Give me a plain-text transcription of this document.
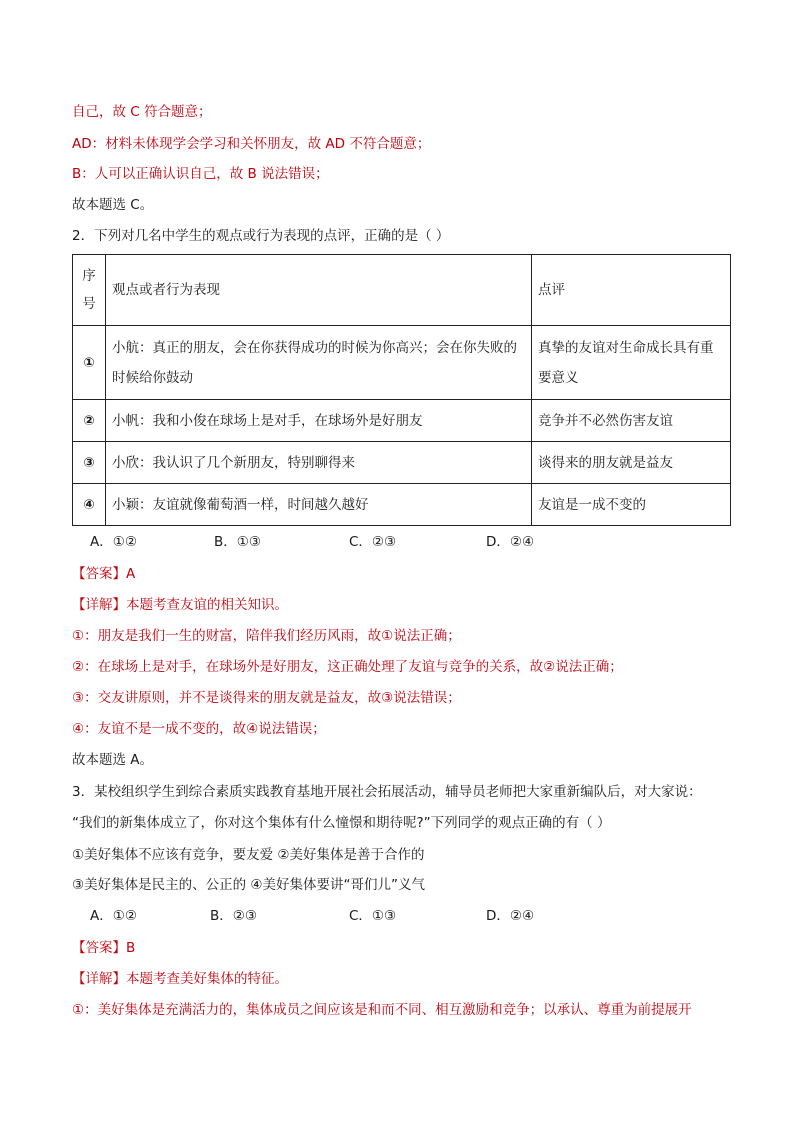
自己，故 C 符合题意；
AD：材料未体现学会学习和关怀朋友，故 AD 不符合题意；
B：人可以正确认识自己，故 B 说法错误；
故本题选 C。
2．下列对几名中学生的观点或行为表现的点评，正确的是（ ）
序号	观点或者行为表现	点评
①	小航：真正的朋友，会在你获得成功的时候为你高兴；会在你失败的时候给你鼓动	真挚的友谊对生命成长具有重要意义
②	小帆：我和小俊在球场上是对手，在球场外是好朋友	竞争并不必然伤害友谊
③	小欣：我认识了几个新朋友，特别聊得来	谈得来的朋友就是益友
④	小颖：友谊就像葡萄酒一样，时间越久越好	友谊是一成不变的
A．①②	B．①③	C．②③	D．②④
【答案】A
【详解】本题考查友谊的相关知识。
①：朋友是我们一生的财富，陪伴我们经历风雨，故①说法正确；
②：在球场上是对手，在球场外是好朋友，这正确处理了友谊与竞争的关系，故②说法正确；
③：交友讲原则，并不是谈得来的朋友就是益友，故③说法错误；
④：友谊不是一成不变的，故④说法错误；
故本题选 A。
3．某校组织学生到综合素质实践教育基地开展社会拓展活动，辅导员老师把大家重新编队后，对大家说：
“我们的新集体成立了，你对这个集体有什么憧憬和期待呢?”下列同学的观点正确的有（ ）
①美好集体不应该有竞争，要友爱 ②美好集体是善于合作的
③美好集体是民主的、公正的 ④美好集体要讲“哥们儿”义气
A．①②	B．②③	C．①③	D．②④
【答案】B
【详解】本题考查美好集体的特征。
①：美好集体是充满活力的，集体成员之间应该是和而不同、相互激励和竞争；以承认、尊重为前提展开
